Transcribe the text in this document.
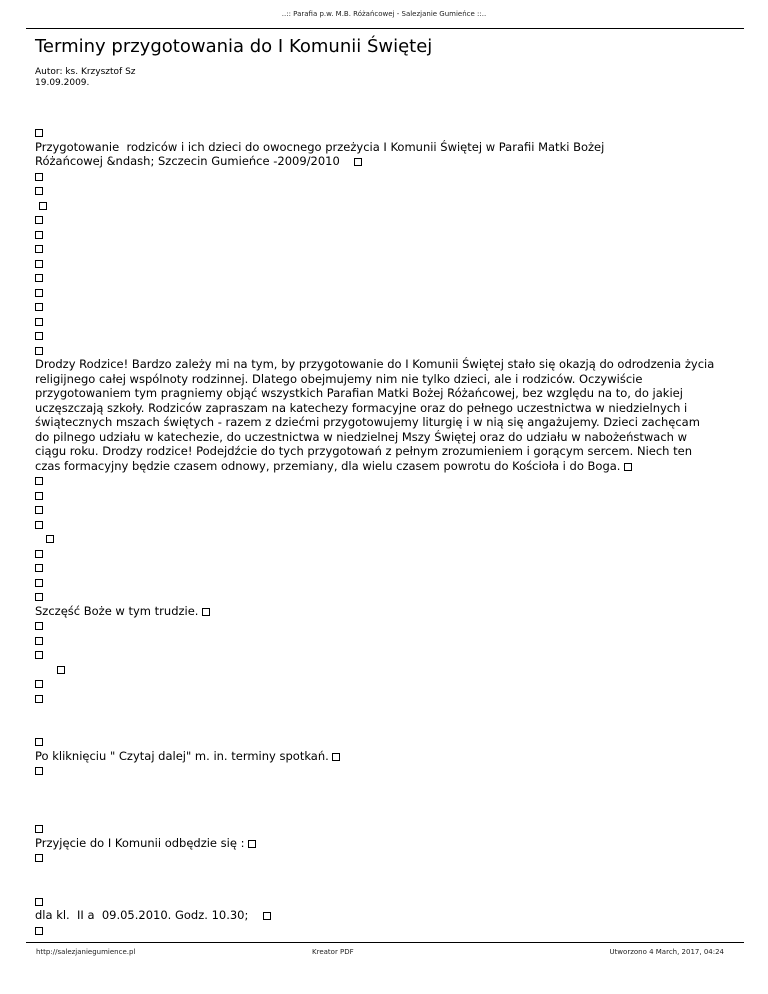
..:: Parafia p.w. M.B. Różańcowej - Salezjanie Gumieńce ::..
Terminy przygotowania do I Komunii Świętej
Autor: ks. Krzysztof Sz
19.09.2009.
Przygotowanie  rodziców i ich dzieci do owocnego przeżycia I Komunii Świętej w Parafii Matki Bożej
Różańcowej &ndash; Szczecin Gumieńce -2009/2010

Drodzy Rodzice! Bardzo zależy mi na tym, by przygotowanie do I Komunii Świętej stało się okazją do odrodzenia życia religijnego całej wspólnoty rodzinnej. Dlatego obejmujemy nim nie tylko dzieci, ale i rodziców. Oczywiście przygotowaniem tym pragniemy objąć wszystkich Parafian Matki Bożej Różańcowej, bez względu na to, do jakiej uczęszczają szkoły. Rodziców zapraszam na katechezy formacyjne oraz do pełnego uczestnictwa w niedzielnych i świątecznych mszach świętych - razem z dziećmi przygotowujemy liturgię i w nią się angażujemy. Dzieci zachęcam do pilnego udziału w katechezie, do uczestnictwa w niedzielnej Mszy Świętej oraz do udziału w nabożeństwach w ciągu roku. Drodzy rodzice! Podejdźcie do tych przygotowań z pełnym zrozumieniem i gorącym sercem. Niech ten czas formacyjny będzie czasem odnowy, przemiany, dla wielu czasem powrotu do Kościoła i do Boga.

Szczęść Boże w tym trudzie.

Po kliknięciu " Czytaj dalej" m. in. terminy spotkań.
Przyjęcie do I Komunii odbędzie się :
dla kl.  II a  09.05.2010. Godz. 10.30;
http://salezjaniegumience.pl	Kreator PDF	Utworzono 4 March, 2017, 04:24
